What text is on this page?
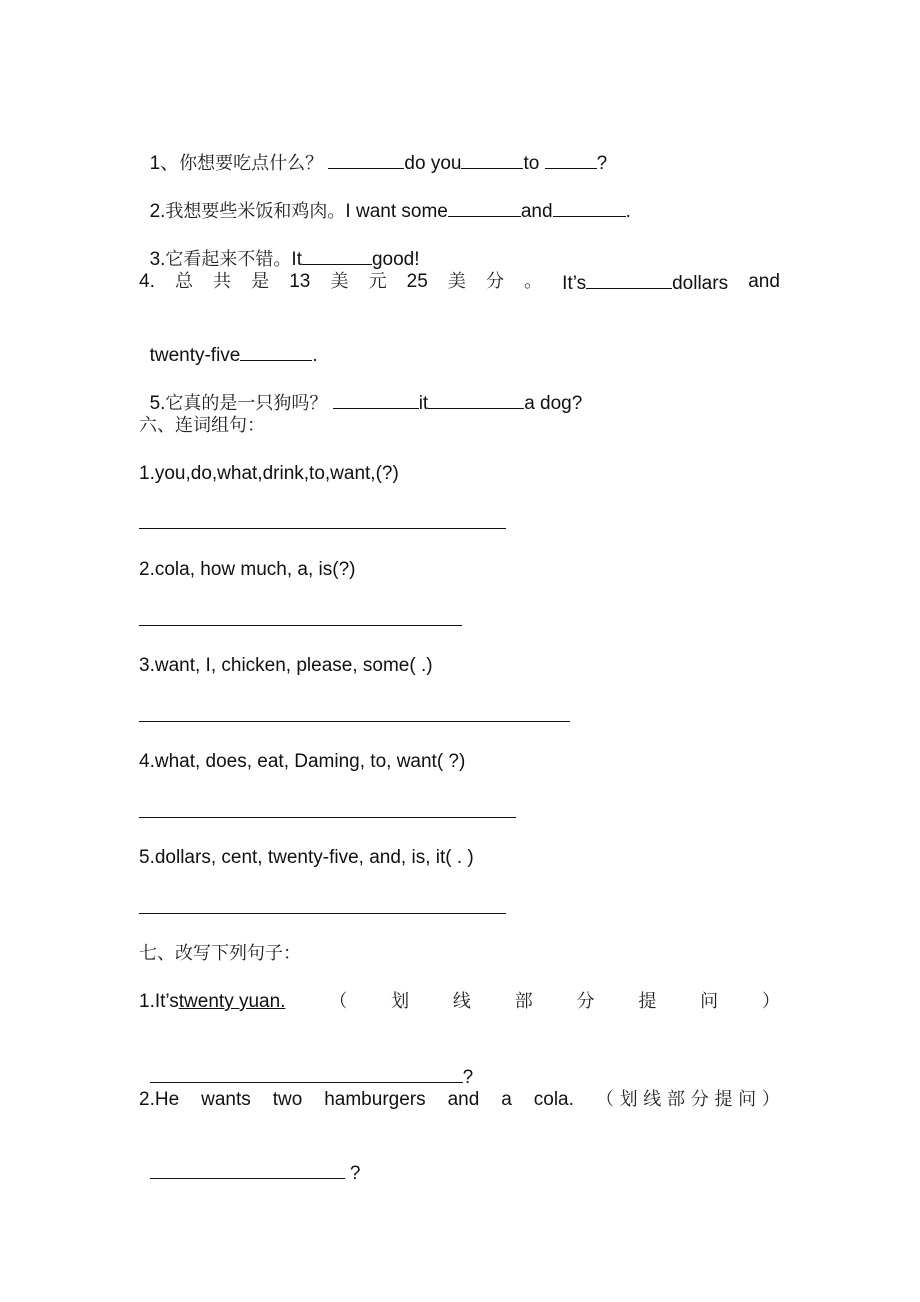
1、你想要吃点什么？	do you	to	?

2.我想要些米饭和鸡肉。I want some	and	.

3.它看起来不错。It	good!

4. 总 共 是 13 美 元 25 美 分 。 It’s	dollars and

twenty-five	.

5.它真的是一只狗吗？	it	a dog?

六、连词组句：
1.you,do,what,drink,to,want,(?)
2.cola, how much, a, is(?)
3.want, I, chicken, please, some( .)
4.what, does, eat, Daming, to, want( ?)
5.dollars, cent, twenty-five, and, is, it( . )
七、改写下列句子：
1.It’stwenty yuan. （ 划 线 部 分 提 问 ）

?

2.He wants two hamburgers and a cola. （ 划 线 部 分 提 问 ）

?
